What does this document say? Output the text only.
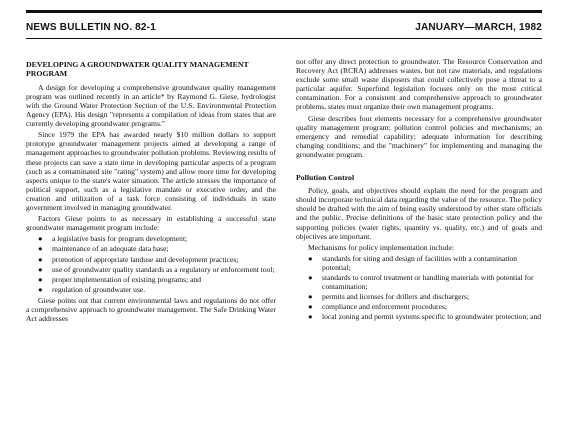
NEWS BULLETIN NO. 82-1	JANUARY—MARCH, 1982
DEVELOPING A GROUNDWATER QUALITY MANAGEMENT PROGRAM

A design for developing a comprehensive groundwater quality management program was outlined recently in an article* by Raymond G. Giese, hydrologist with the Ground Water Protection Section of the U.S. Environmental Protection Agency (EPA). His design "represents a compilation of ideas from states that are currently developing groundwater programs."

Since 1979 the EPA has awarded nearly $10 million dollars to support prototype groundwater management projects aimed at developing a range of management approaches to groundwater pollution problems. Reviewing results of these projects can save a state time in developing particular aspects of a program (such as a contaminated site "rating" system) and allow more time for developing aspects unique to the state's water situation. The article stresses the importance of political support, such as a legislative mandate or executive order, and the creation and utilization of a task force consisting of individuals in state government involved in managing groundwater.

Factors Giese points to as necessary in establishing a successful state groundwater management program include:

● a legislative basis for program development;
● maintenance of an adequate data base;
● promotion of appropriate landuse and development practices;
● use of groundwater quality standards as a regulatory or enforcement tool;
● proper implementation of existing programs; and
● regulation of groundwater use.

Giese points out that current environmental laws and regulations do not offer a comprehensive approach to groundwater management. The Safe Drinking Water Act addresses

not offer any direct protection to groundwater. The Resource Conservation and Recovery Act (RCRA) addresses wastes, but not raw materials, and regulations exclude some small waste disposers that could collectively pose a threat to a particular aquifer. Superfund legislation focuses only on the most critical contamination. For a consistent and comprehensive approach to groundwater problems, states must organize their own management programs.

Giese describes four elements necessary for a comprehensive groundwater quality management program: pollution control policies and mechanisms; an emergency and remedial capability; adequate information for describing changing conditions; and the "machinery" for implementing and managing the groundwater program.

Pollution Control

Policy, goals, and objectives should explain the need for the program and should incorporate technical data regarding the value of the resource. The policy should be drafted with the aim of being easily understood by other state officials and the public. Precise definitions of the basic state protection policy and the supporting policies (water rights, quantity vs. quality, etc.) and of goals and objectives are important.

Mechanisms for policy implementation include:

● standards for siting and design of facilities with a contamination potential;
● standards to control treatment or handling materials with potential for contamination;
● permits and licenses for drillers and dischargers;
● compliance and enforcement procedures;
● local zoning and permit systems specific to groundwater protection; and
